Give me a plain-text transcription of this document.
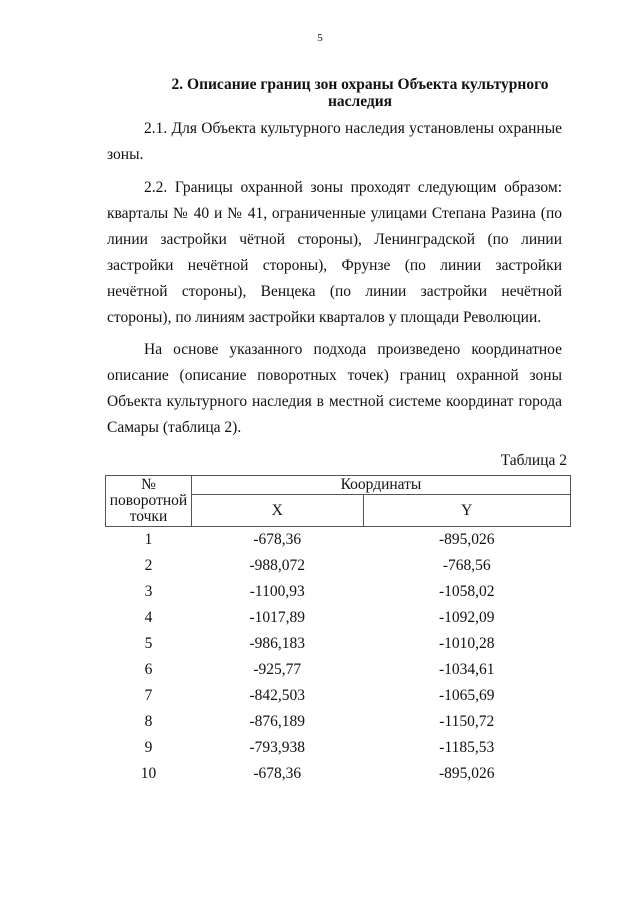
5
2. Описание границ зон охраны Объекта культурного
наследия

2.1. Для Объекта культурного наследия установлены охранные зоны.

2.2. Границы охранной зоны проходят следующим образом: кварталы № 40 и № 41, ограниченные улицами Степана Разина (по линии застройки чётной стороны), Ленинградской (по линии застройки нечётной стороны), Фрунзе (по линии застройки нечётной стороны), Венцека (по линии застройки нечётной стороны), по линиям застройки кварталов у площади Революции.

На основе указанного подхода произведено координатное описание (описание поворотных точек) границ охранной зоны Объекта культурного наследия в местной системе координат города Самары (таблица 2).

Таблица 2
№
поворотной
точки	Координаты	
	X	Y
1	-678,36	-895,026
2	-988,072	-768,56
3	-1100,93	-1058,02
4	-1017,89	-1092,09
5	-986,183	-1010,28
6	-925,77	-1034,61
7	-842,503	-1065,69
8	-876,189	-1150,72
9	-793,938	-1185,53
10	-678,36	-895,026
